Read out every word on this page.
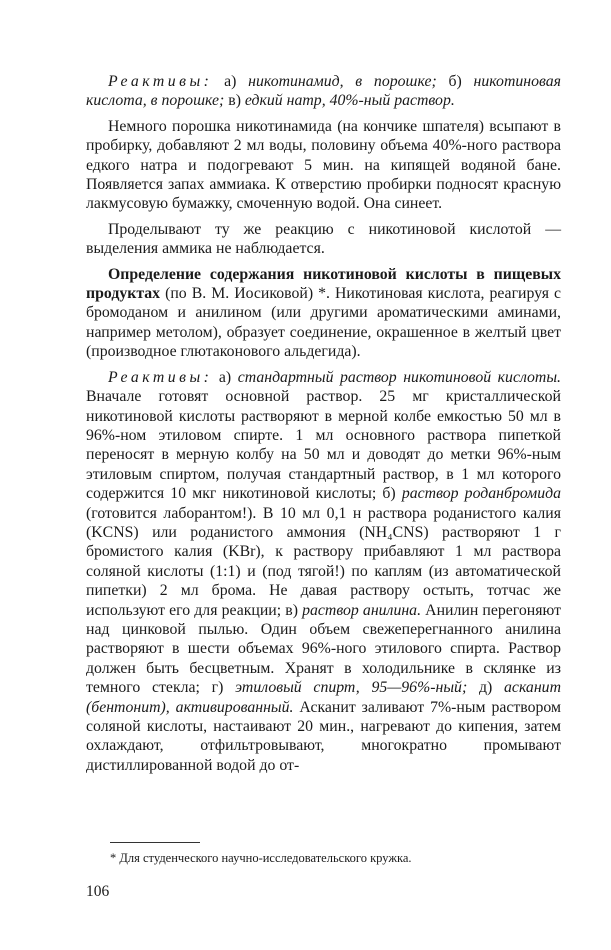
Реактивы: а) никотинамид, в порошке; б) никотиновая кислота, в порошке; в) едкий натр, 40%-ный раствор.

Немного порошка никотинамида (на кончике шпателя) всыпают в пробирку, добавляют 2 мл воды, половину объема 40%-ного раствора едкого натра и подогревают 5 мин. на кипящей водяной бане. Появляется запах аммиака. К отверстию пробирки подносят красную лакмусовую бумажку, смоченную водой. Она синеет.

Проделывают ту же реакцию с никотиновой кислотой — выделения аммика не наблюдается.

Определение содержания никотиновой кислоты в пищевых продуктах (по В. М. Иосиковой) *. Никотиновая кислота, реагируя с бромоданом и анилином (или другими ароматическими аминами, например метолом), образует соединение, окрашенное в желтый цвет (производное глютаконового альдегида).

Реактивы: а) стандартный раствор никотиновой кислоты. Вначале готовят основной раствор. 25 мг кристаллической никотиновой кислоты растворяют в мерной колбе емкостью 50 мл в 96%-ном этиловом спирте. 1 мл основного раствора пипеткой переносят в мерную колбу на 50 мл и доводят до метки 96%-ным этиловым спиртом, получая стандартный раствор, в 1 мл которого содержится 10 мкг никотиновой кислоты; б) раствор роданбромида (готовится лаборантом!). В 10 мл 0,1 н раствора роданистого калия (KCNS) или роданистого аммония (NH₄CNS) растворяют 1 г бромистого калия (KBr), к раствору прибавляют 1 мл раствора соляной кислоты (1:1) и (под тягой!) по каплям (из автоматической пипетки) 2 мл брома. Не давая раствору остыть, тотчас же используют его для реакции; в) раствор анилина. Анилин перегоняют над цинковой пылью. Один объем свежеперегнанного анилина растворяют в шести объемах 96%-ного этилового спирта. Раствор должен быть бесцветным. Хранят в холодильнике в склянке из темного стекла; г) этиловый спирт, 95—96%-ный; д) асканит (бентонит), активированный. Асканит заливают 7%-ным раствором соляной кислоты, настаивают 20 мин., нагревают до кипения, затем охлаждают, отфильтровывают, многократно промывают дистиллированной водой до от-

* Для студенческого научно-исследовательского кружка.
106
